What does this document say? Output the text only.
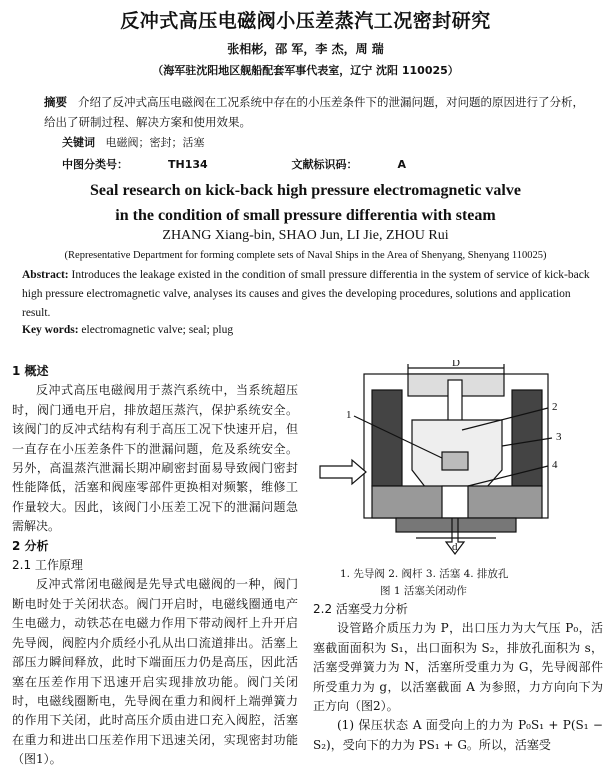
反冲式高压电磁阀小压差蒸汽工况密封研究
张相彬，邵 军，李 杰，周 瑞
（海军驻沈阳地区舰船配套军事代表室，辽宁 沈阳 110025）
摘要 介绍了反冲式高压电磁阀在工况系统中存在的小压差条件下的泄漏问题，对问题的原因进行了分析，给出了研制过程、解决方案和使用效果。
关键词 电磁阀；密封；活塞
中图分类号：	TH134	文献标识码：	A
Seal research on kick-back high pressure electromagnetic valve
in the condition of small pressure differentia with steam
ZHANG Xiang-bin, SHAO Jun, LI Jie, ZHOU Rui
(Representative Department for forming complete sets of Naval Ships in the Area of Shenyang, Shenyang 110025)
Abstract: Introduces the leakage existed in the condition of small pressure differentia in the system of service of kick-back high pressure electromagnetic valve, analyses its causes and gives the developing procedures, solutions and application result.
Key words: electromagnetic valve; seal; plug
1 概述
反冲式高压电磁阀用于蒸汽系统中，当系统超压时，阀门通电开启，排放超压蒸汽，保护系统安全。该阀门的反冲式结构有利于高压工况下快速开启，但一直存在小压差条件下的泄漏问题，危及系统安全。另外，高温蒸汽泄漏长期冲刷密封面易导致阀门密封性能降低，活塞和阀座零部件更换相对频繁，维修工作量较大。因此，该阀门小压差工况下的泄漏问题急需解决。
2 分析
2.1 工作原理
反冲式常闭电磁阀是先导式电磁阀的一种，阀门断电时处于关闭状态。阀门开启时，电磁线圈通电产生电磁力，动铁芯在电磁力作用下带动阀杆上升开启先导阀，阀腔内介质经小孔从出口流道排出。活塞上部压力瞬间释放，此时下端面压力仍是高压，因此活塞在压差作用下迅速开启实现排放功能。阀门关闭时，电磁线圈断电，先导阀在重力和阀杆上端弹簧力的作用下关闭，此时高压介质由进口充入阀腔，活塞在重力和进出口压差作用下迅速关闭，实现密封功能（图1）。
D
d
1
2
3
4
1. 先导阀 2. 阀杆 3. 活塞 4. 排放孔
图 1 活塞关闭动作
2.2 活塞受力分析
设管路介质压力为 P，出口压力为大气压 P₀，活塞截面面积为 S₁，出口面积为 S₂，排放孔面积为 s，活塞受弹簧力为 N，活塞所受重力为 G，先导阀部件所受重力为 g，以活塞截面 A 为参照，力方向向下为正方向（图2）。
(1) 保压状态 A 面受向上的力为 P₀S₁ + P(S₁ − S₂)，受向下的力为 PS₁ + G。所以，活塞受
